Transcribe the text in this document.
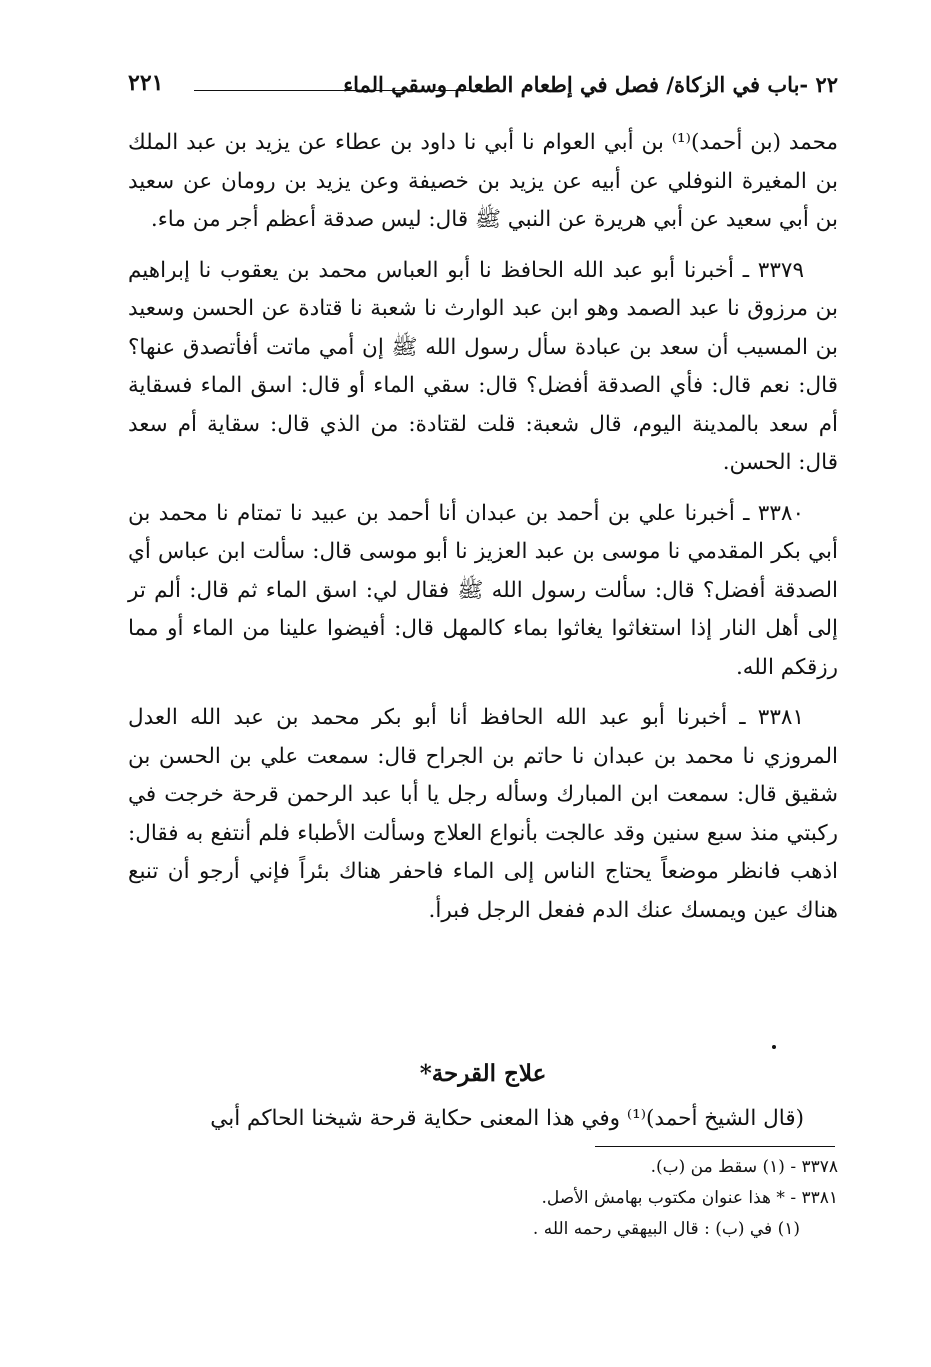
٢٢ -باب في الزكاة/ فصل في إطعام الطعام وسقي الماء
٢٢١

محمد (بن أحمد)⁽¹⁾ بن أبي العوام نا أبي نا داود بن عطاء عن يزيد بن عبد الملك بن المغيرة النوفلي عن أبيه عن يزيد بن خصيفة وعن يزيد بن رومان عن سعيد بن أبي سعيد عن أبي هريرة عن النبي ﷺ قال: ليس صدقة أعظم أجر من ماء.

٣٣٧٩ ـ أخبرنا أبو عبد الله الحافظ نا أبو العباس محمد بن يعقوب نا إبراهيم بن مرزوق نا عبد الصمد وهو ابن عبد الوارث نا شعبة نا قتادة عن الحسن وسعيد بن المسيب أن سعد بن عبادة سأل رسول الله ﷺ إن أمي ماتت أفأتصدق عنها؟ قال: نعم قال: فأي الصدقة أفضل؟ قال: سقي الماء أو قال: اسق الماء فسقاية أم سعد بالمدينة اليوم، قال شعبة: قلت لقتادة: من الذي قال: سقاية أم سعد قال: الحسن.

٣٣٨٠ ـ أخبرنا علي بن أحمد بن عبدان أنا أحمد بن عبيد نا تمتام نا محمد بن أبي بكر المقدمي نا موسى بن عبد العزيز نا أبو موسى قال: سألت ابن عباس أي الصدقة أفضل؟ قال: سألت رسول الله ﷺ فقال لي: اسق الماء ثم قال: ألم تر إلى أهل النار إذا استغاثوا يغاثوا بماء كالمهل قال: أفيضوا علينا من الماء أو مما رزقكم الله.

٣٣٨١ ـ أخبرنا أبو عبد الله الحافظ أنا أبو بكر محمد بن عبد الله العدل المروزي نا محمد بن عبدان نا حاتم بن الجراح قال: سمعت علي بن الحسن بن شقيق قال: سمعت ابن المبارك وسأله رجل يا أبا عبد الرحمن قرحة خرجت في ركبتي منذ سبع سنين وقد عالجت بأنواع العلاج وسألت الأطباء فلم أنتفع به فقال: اذهب فانظر موضعاً يحتاج الناس إلى الماء فاحفر هناك بئراً فإني أرجو أن تنبع هناك عين ويمسك عنك الدم ففعل الرجل فبرأ.

علاج القرحة*
(قال الشيخ أحمد)⁽¹⁾ وفي هذا المعنى حكاية قرحة شيخنا الحاكم أبي
٣٣٧٨ - (١) سقط من (ب).
٣٣٨١ - * هذا عنوان مكتوب بهامش الأصل.
(١) في (ب) : قال البيهقي رحمه الله .
